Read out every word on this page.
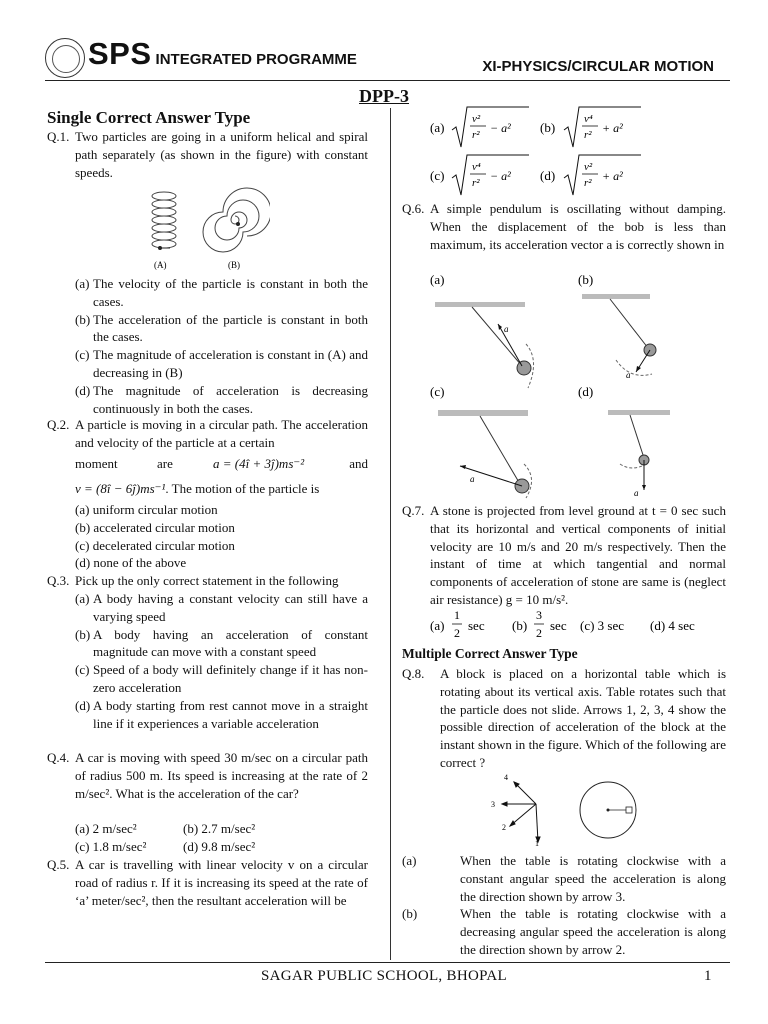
SPS INTEGRATED PROGRAMME	XI-PHYSICS/CIRCULAR MOTION
DPP-3
Single Correct Answer Type
Q.1. Two particles are going in a uniform helical and spiral path separately (as shown in the figure) with constant speeds.
(A)	(B)
(a) The velocity of the particle is constant in both the cases.
(b) The acceleration of the particle is constant in both the cases.
(c) The magnitude of acceleration is constant in (A) and decreasing in (B)
(d) The magnitude of acceleration is decreasing continuously in both the cases.
Q.2. A particle is moving in a circular path. The acceleration and velocity of the particle at a certain
moment	are	a = (4î + 3ĵ)ms⁻²	and
v = (8î − 6ĵ)ms⁻¹. The motion of the particle is
(a) uniform circular motion
(b) accelerated circular motion
(c) decelerated circular motion
(d) none of the above
Q.3. Pick up the only correct statement in the following
(a) A body having a constant velocity can still have a varying speed
(b) A body having an acceleration of constant magnitude can move with a constant speed
(c) Speed of a body will definitely change if it has non-zero acceleration
(d) A body starting from rest cannot move in a straight line if it experiences a variable acceleration
Q.4. A car is moving with speed 30 m/sec on a circular path of radius 500 m. Its speed is increasing at the rate of 2 m/sec². What is the acceleration of the car?
(a) 2 m/sec²	(b) 2.7 m/sec²
(c) 1.8 m/sec²	(d) 9.8 m/sec²
Q.5. A car is travelling with linear velocity v on a circular road of radius r. If it is increasing its speed at the rate of ‘a’ meter/sec², then the resultant acceleration will be
(a)
v²
r² − a² (b)
v⁴
r² + a²
(c)
v⁴
r² − a² (d)
v²
r² + a²
Q.6. A simple pendulum is oscillating without damping. When the displacement of the bob is less than maximum, its acceleration vector a is correctly shown in
(a)
a
(b)
a
(c)
a
(d)
a
Q.7. A stone is projected from level ground at t = 0 sec such that its horizontal and vertical components of initial velocity are 10 m/s and 20 m/s respectively. Then the instant of time at which tangential and normal components of acceleration of stone are same is (neglect air resistance) g = 10 m/s².
(a)
1
2 sec (b)
3
2 sec (c) 3 sec (d) 4 sec
Multiple Correct Answer Type
Q.8. A block is placed on a horizontal table which is rotating about its vertical axis. Table rotates such that the particle does not slide. Arrows 1, 2, 3, 4 show the possible direction of acceleration of the block at the instant shown in the figure. Which of the following are correct ?
1
2
3
4
(a)	When the table is rotating clockwise with a constant angular speed the acceleration is along the direction shown by arrow 3.
(b)	When the table is rotating clockwise with a decreasing angular speed the acceleration is along the direction shown by arrow 2.
SAGAR PUBLIC SCHOOL, BHOPAL	1
